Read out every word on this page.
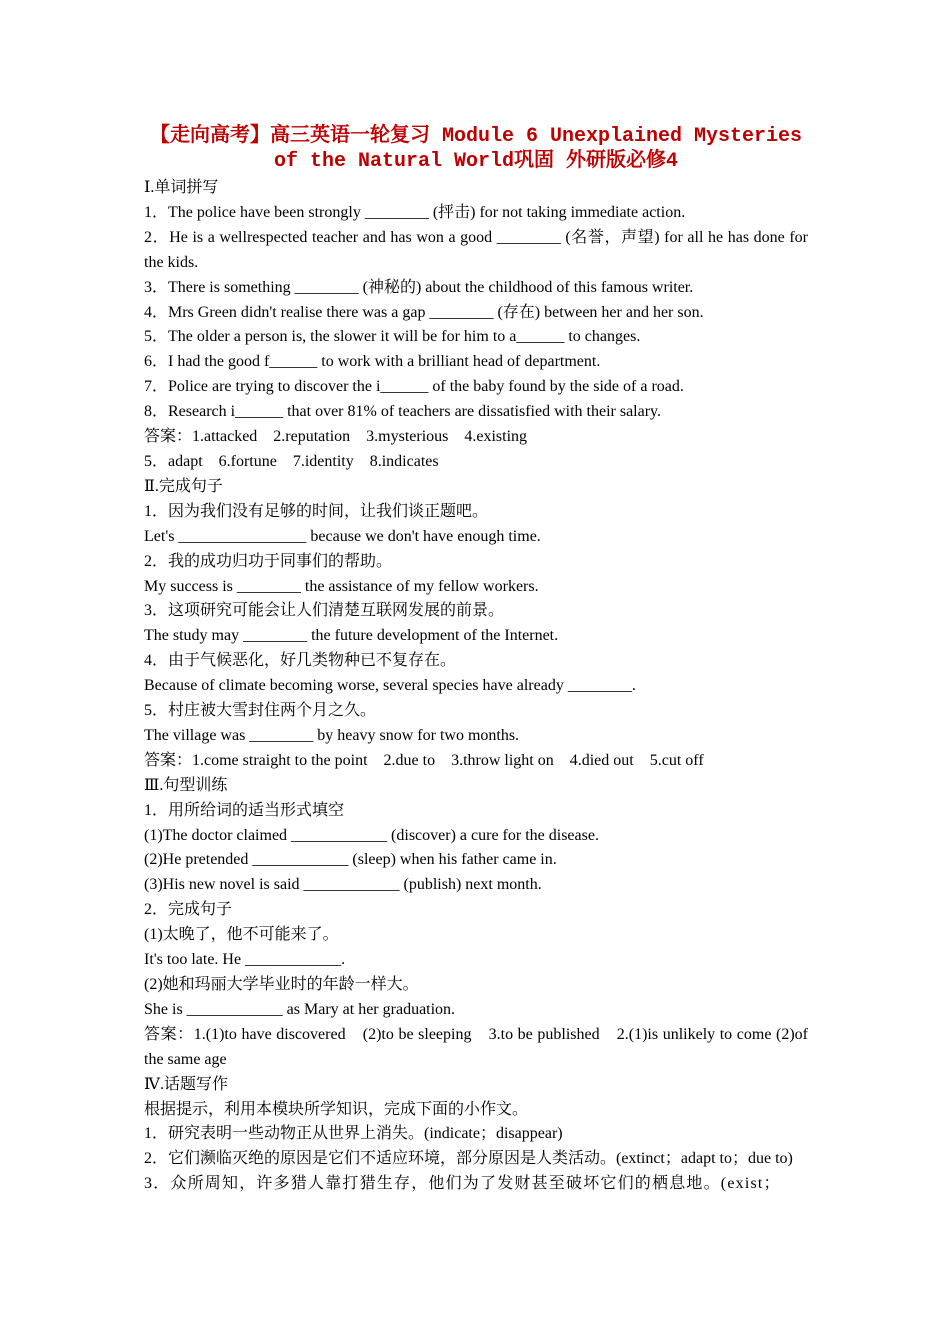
【走向高考】高三英语一轮复习 Module 6 Unexplained Mysteries
of the Natural World巩固 外研版必修4
Ⅰ.单词拼写
1．The police have been strongly ________ (抨击) for not taking immediate action.
2．He is a wellrespected teacher and has won a good ________ (名誉，声望) for all he has done for the kids.
3．There is something ________ (神秘的) about the childhood of this famous writer.
4．Mrs Green didn't realise there was a gap ________ (存在) between her and her son.
5．The older a person is, the slower it will be for him to a______ to changes.
6．I had the good f______ to work with a brilliant head of department.
7．Police are trying to discover the i______ of the baby found by the side of a road.
8．Research i______ that over 81% of teachers are dissatisfied with their salary.
答案：1.attacked　2.reputation　3.mysterious　4.existing
5．adapt　6.fortune　7.identity　8.indicates
Ⅱ.完成句子
1．因为我们没有足够的时间，让我们谈正题吧。
Let's ________________ because we don't have enough time.
2．我的成功归功于同事们的帮助。
My success is ________ the assistance of my fellow workers.
3．这项研究可能会让人们清楚互联网发展的前景。
The study may ________ the future development of the Internet.
4．由于气候恶化，好几类物种已不复存在。
Because of climate becoming worse, several species have already ________.
5．村庄被大雪封住两个月之久。
The village was ________ by heavy snow for two months.
答案：1.come straight to the point　2.due to　3.throw light on　4.died out　5.cut off
Ⅲ.句型训练
1．用所给词的适当形式填空
(1)The doctor claimed ____________ (discover) a cure for the disease.
(2)He pretended ____________ (sleep) when his father came in.
(3)His new novel is said ____________ (publish) next month.
2．完成句子
(1)太晚了，他不可能来了。
It's too late. He ____________.
(2)她和玛丽大学毕业时的年龄一样大。
She is ____________ as Mary at her graduation.
答案：1.(1)to have discovered　(2)to be sleeping　3.to be published　2.(1)is unlikely to come (2)of the same age
Ⅳ.话题写作
根据提示，利用本模块所学知识，完成下面的小作文。
1．研究表明一些动物正从世界上消失。(indicate；disappear)
2．它们濒临灭绝的原因是它们不适应环境，部分原因是人类活动。(extinct；adapt to；due to)
3．众所周知，许多猎人靠打猎生存，他们为了发财甚至破坏它们的栖息地。(exist；
